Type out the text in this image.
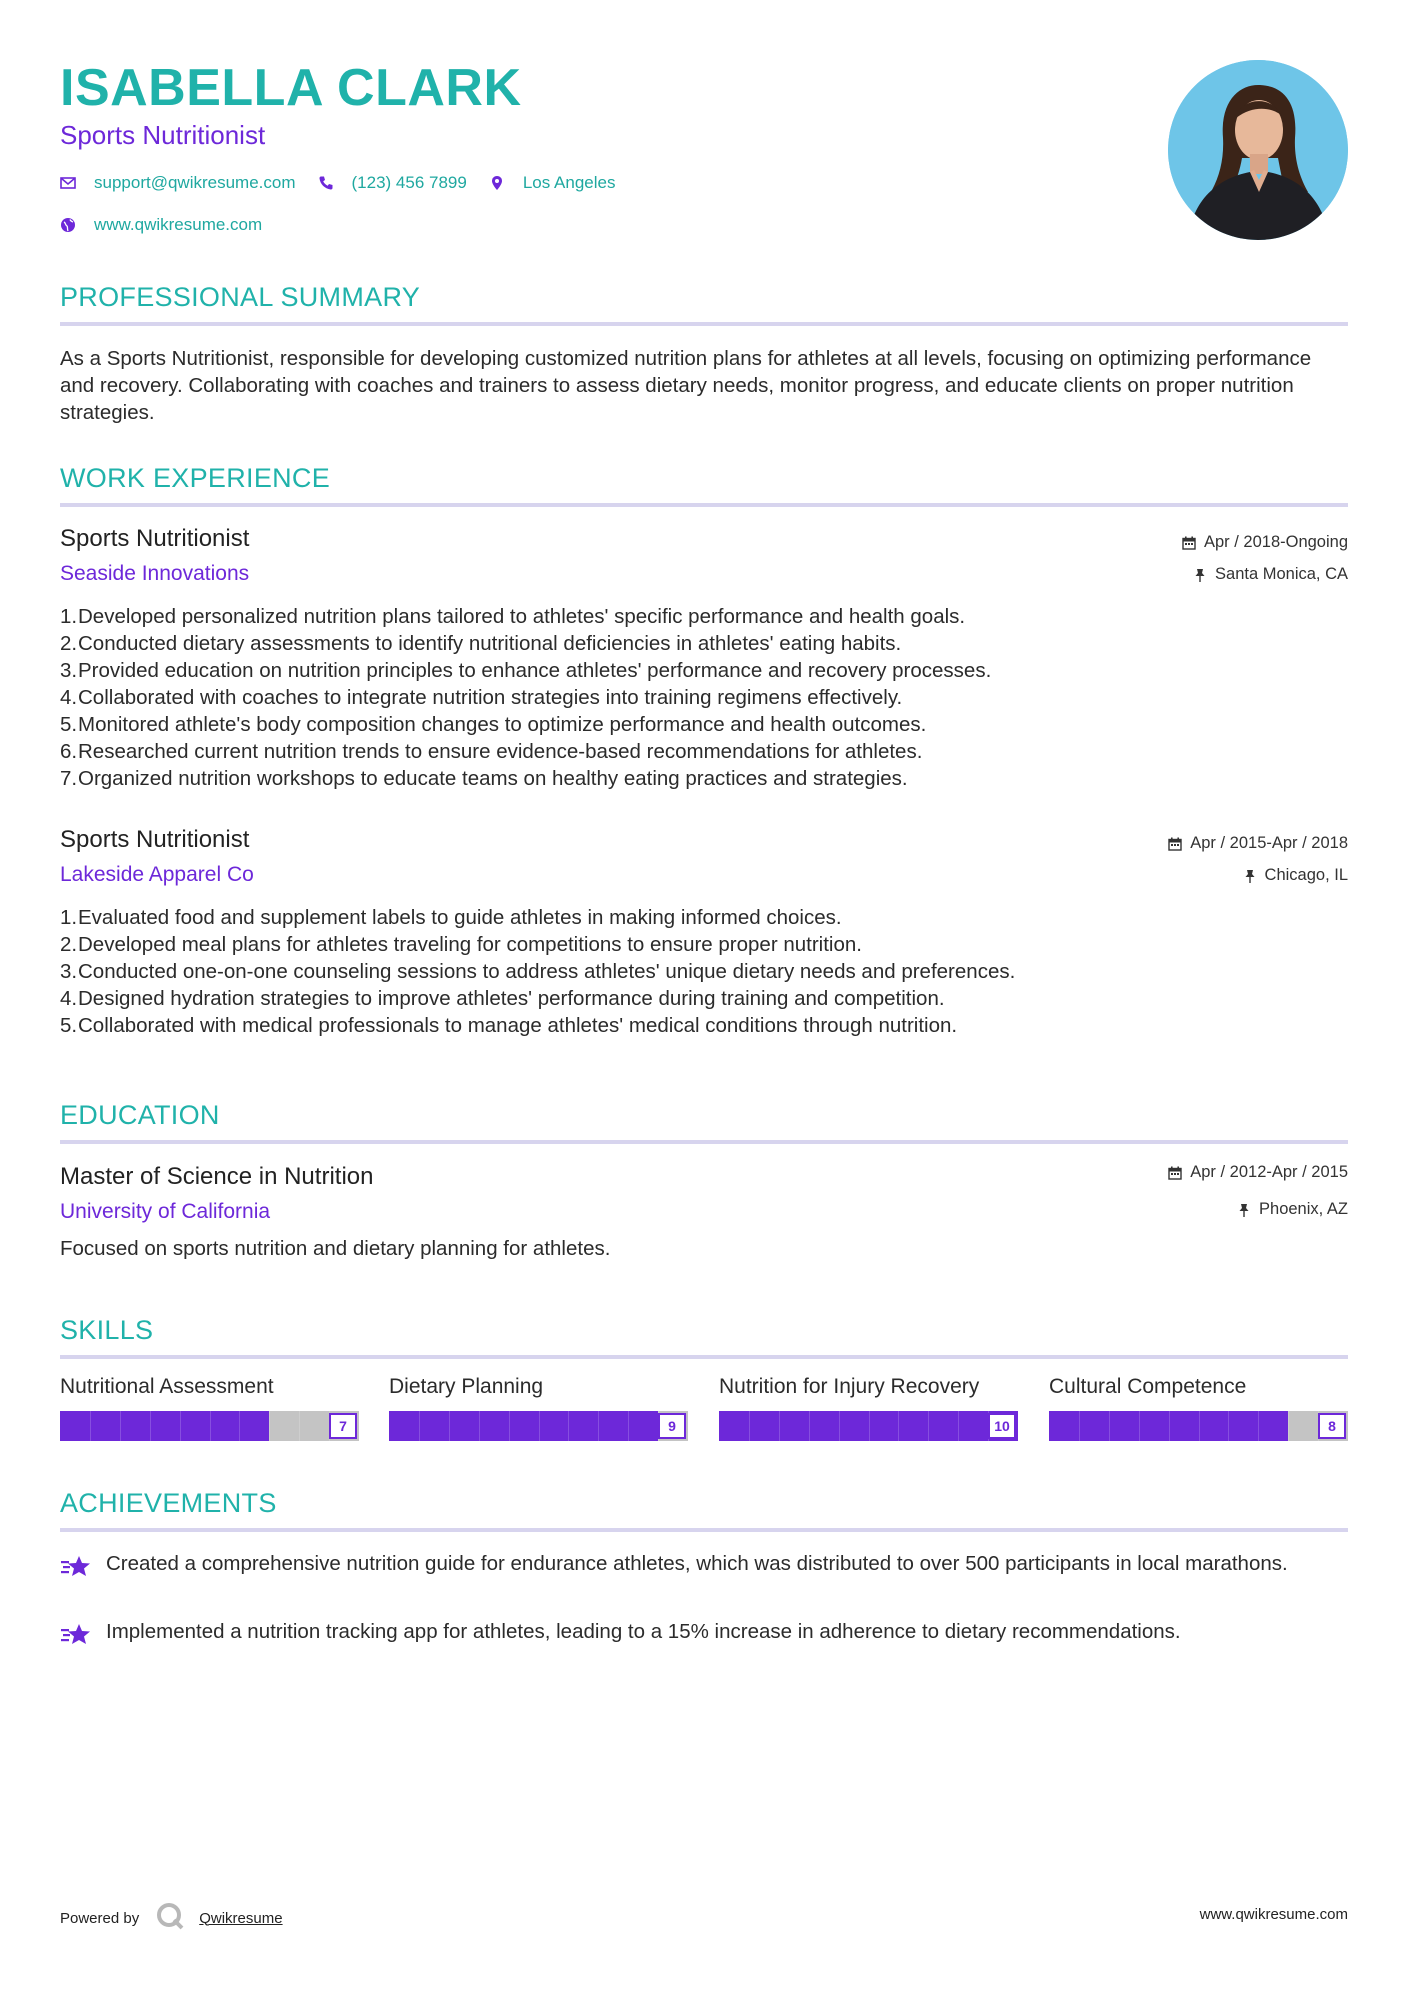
ISABELLA CLARK
Sports Nutritionist
support@qwikresume.com	(123) 456 7899	Los Angeles
www.qwikresume.com
PROFESSIONAL SUMMARY
As a Sports Nutritionist, responsible for developing customized nutrition plans for athletes at all levels, focusing on optimizing performance and recovery. Collaborating with coaches and trainers to assess dietary needs, monitor progress, and educate clients on proper nutrition strategies.
WORK EXPERIENCE
Sports Nutritionist
Seaside Innovations
Apr / 2018-Ongoing
Santa Monica, CA
1. Developed personalized nutrition plans tailored to athletes' specific performance and health goals.
2. Conducted dietary assessments to identify nutritional deficiencies in athletes' eating habits.
3. Provided education on nutrition principles to enhance athletes' performance and recovery processes.
4. Collaborated with coaches to integrate nutrition strategies into training regimens effectively.
5. Monitored athlete's body composition changes to optimize performance and health outcomes.
6. Researched current nutrition trends to ensure evidence-based recommendations for athletes.
7. Organized nutrition workshops to educate teams on healthy eating practices and strategies.
Sports Nutritionist
Lakeside Apparel Co
Apr / 2015-Apr / 2018
Chicago, IL
1. Evaluated food and supplement labels to guide athletes in making informed choices.
2. Developed meal plans for athletes traveling for competitions to ensure proper nutrition.
3. Conducted one-on-one counseling sessions to address athletes' unique dietary needs and preferences.
4. Designed hydration strategies to improve athletes' performance during training and competition.
5. Collaborated with medical professionals to manage athletes' medical conditions through nutrition.
EDUCATION
Master of Science in Nutrition
University of California
Apr / 2012-Apr / 2015
Phoenix, AZ
Focused on sports nutrition and dietary planning for athletes.
SKILLS
Nutritional Assessment
7
Dietary Planning
9
Nutrition for Injury Recovery
10
Cultural Competence
8
ACHIEVEMENTS
Created a comprehensive nutrition guide for endurance athletes, which was distributed to over 500 participants in local marathons.
Implemented a nutrition tracking app for athletes, leading to a 15% increase in adherence to dietary recommendations.
Powered by	Qwikresume	www.qwikresume.com
